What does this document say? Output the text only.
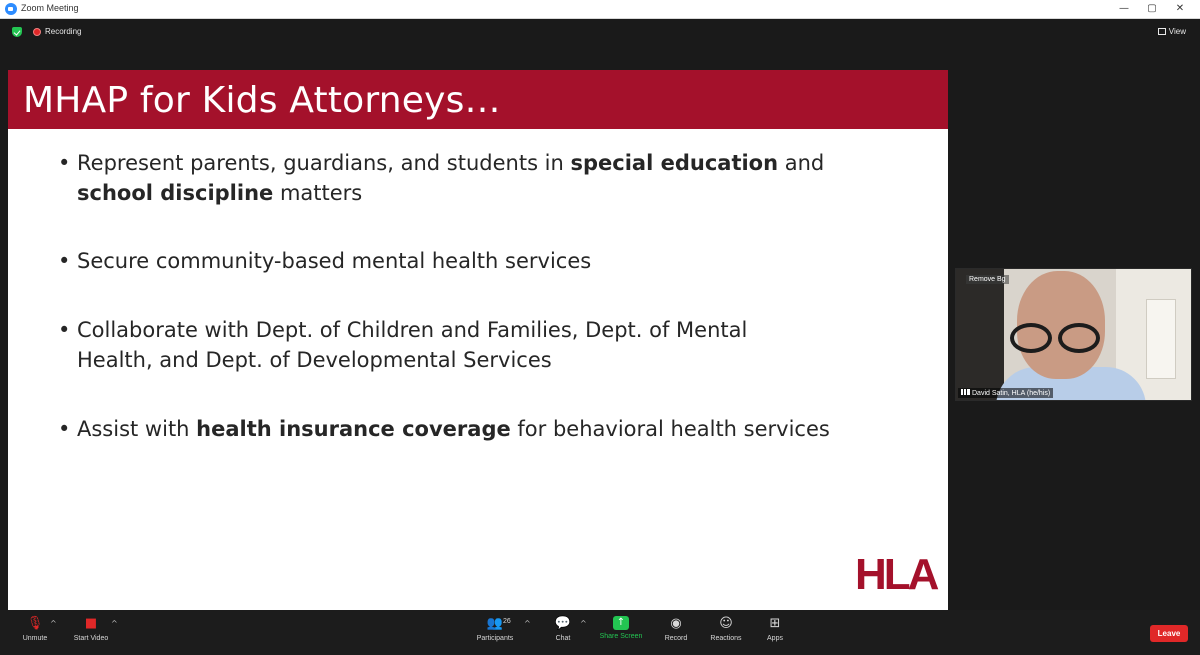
Zoom Meeting	—	▢	✕
Recording	View
MHAP for Kids Attorneys…
• Represent parents, guardians, and students in special education and school discipline matters
• Secure community-based mental health services
• Collaborate with Dept. of Children and Families, Dept. of Mental Health, and Dept. of Developmental Services
• Assist with health insurance coverage for behavioral health services
HLA
Remove Bg
David Satin, HLA (he/his)
🎙 ^
Unmute
■	^
Start Video
👥 26 ^
Participants
💬 ^
Chat
↑
Share Screen
◉
Record
☺
Reactions
⊞
Apps
Leave
